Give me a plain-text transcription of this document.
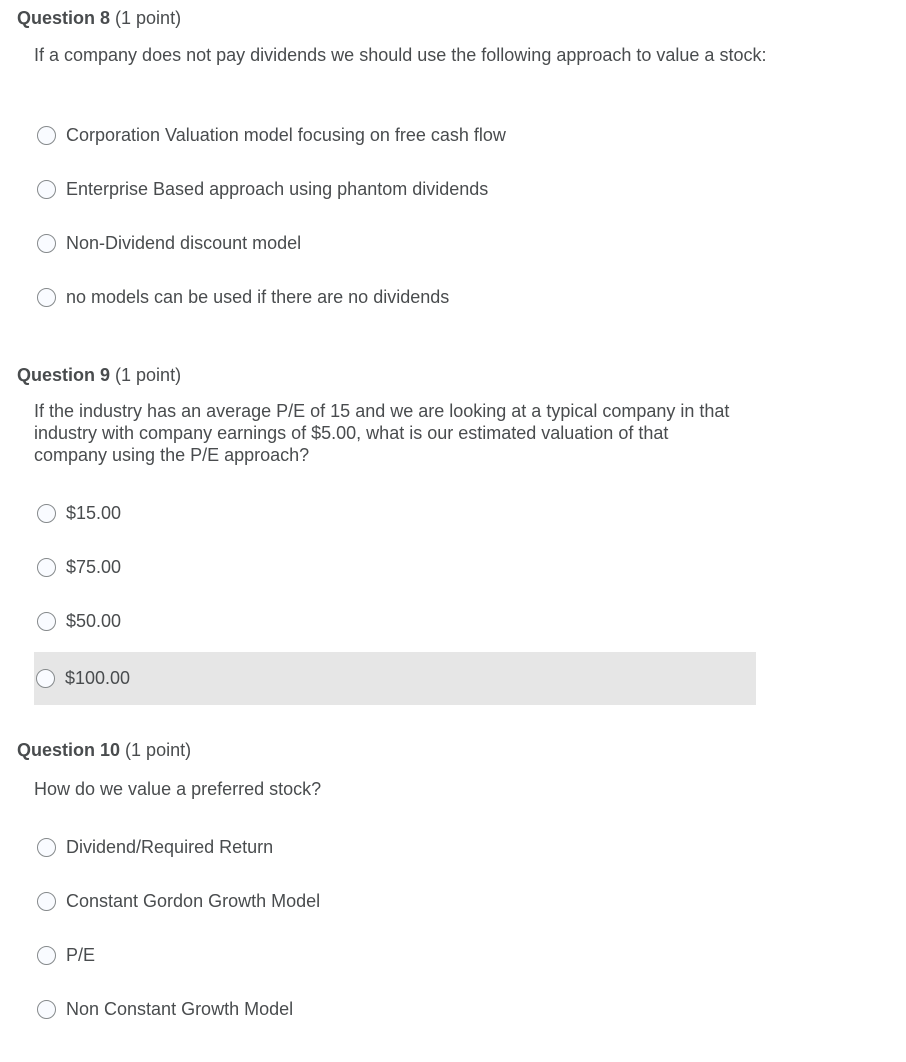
Question 8 (1 point)
If a company does not pay dividends we should use the following approach to value a stock:
Corporation Valuation model focusing on free cash flow
Enterprise Based approach using phantom dividends
Non-Dividend discount model
no models can be used if there are no dividends
Question 9 (1 point)
If the industry has an average P/E of 15 and we are looking at a typical company in that industry with company earnings of $5.00, what is our estimated valuation of that company using the P/E approach?
$15.00
$75.00
$50.00
$100.00
Question 10 (1 point)
How do we value a preferred stock?
Dividend/Required Return
Constant Gordon Growth Model
P/E
Non Constant Growth Model
